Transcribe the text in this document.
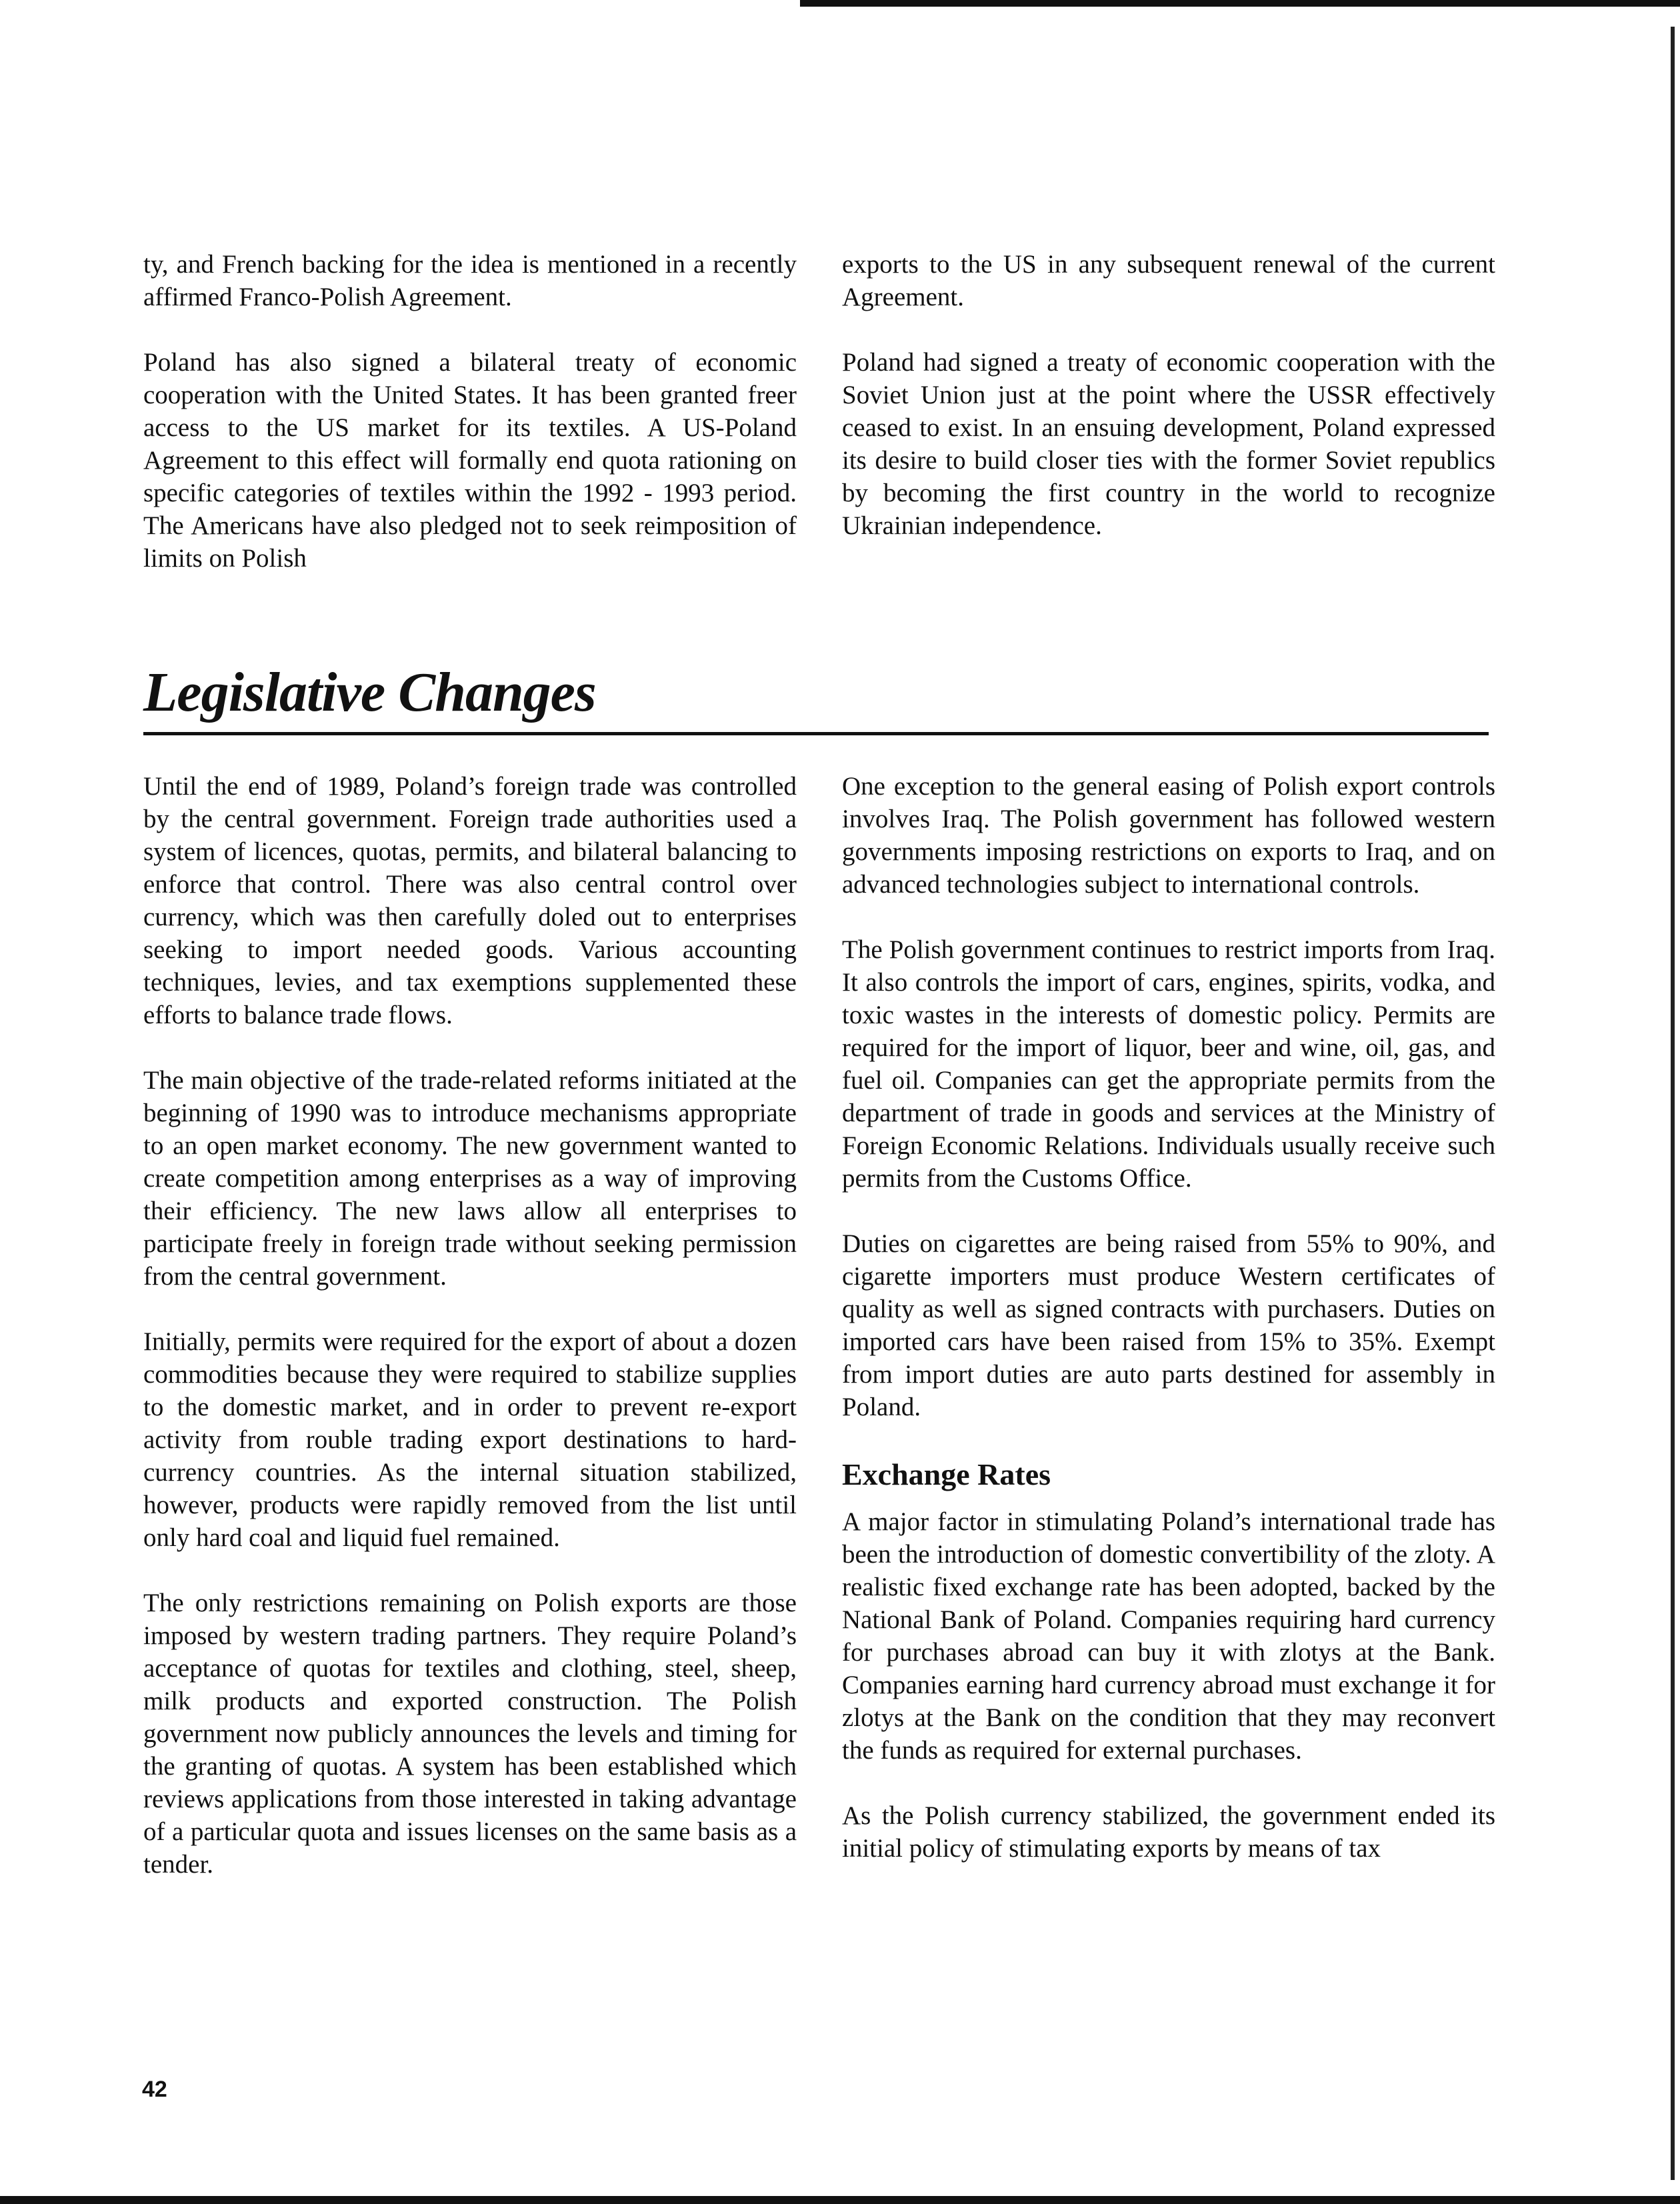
ty, and French backing for the idea is mentioned in a recently affirmed Franco-Polish Agreement.

Poland has also signed a bilateral treaty of economic cooperation with the United States. It has been granted freer access to the US market for its textiles. A US-Poland Agreement to this effect will formally end quota rationing on specific categories of textiles within the 1992 - 1993 period. The Americans have also pledged not to seek reimposition of limits on Polish

exports to the US in any subsequent renewal of the current Agreement.

Poland had signed a treaty of economic cooperation with the Soviet Union just at the point where the USSR effectively ceased to exist. In an ensuing development, Poland expressed its desire to build closer ties with the former Soviet republics by becoming the first country in the world to recognize Ukrainian independence.

Legislative Changes

Until the end of 1989, Poland’s foreign trade was controlled by the central government. Foreign trade authorities used a system of licences, quotas, permits, and bilateral balancing to enforce that control. There was also central control over currency, which was then carefully doled out to enterprises seeking to import needed goods. Various accounting techniques, levies, and tax exemptions supplemented these efforts to balance trade flows.

The main objective of the trade-related reforms initiated at the beginning of 1990 was to introduce mechanisms appropriate to an open market economy. The new government wanted to create competition among enterprises as a way of improving their efficiency. The new laws allow all enterprises to participate freely in foreign trade without seeking permission from the central government.

Initially, permits were required for the export of about a dozen commodities because they were required to stabilize supplies to the domestic market, and in order to prevent re-export activity from rouble trading export destinations to hard-currency countries. As the internal situation stabilized, however, products were rapidly removed from the list until only hard coal and liquid fuel remained.

The only restrictions remaining on Polish exports are those imposed by western trading partners. They require Poland’s acceptance of quotas for textiles and clothing, steel, sheep, milk products and exported construction. The Polish government now publicly announces the levels and timing for the granting of quotas. A system has been established which reviews applications from those interested in taking advantage of a particular quota and issues licenses on the same basis as a tender.

One exception to the general easing of Polish export controls involves Iraq. The Polish government has followed western governments imposing restrictions on exports to Iraq, and on advanced technologies subject to international controls.

The Polish government continues to restrict imports from Iraq. It also controls the import of cars, engines, spirits, vodka, and toxic wastes in the interests of domestic policy. Permits are required for the import of liquor, beer and wine, oil, gas, and fuel oil. Companies can get the appropriate permits from the department of trade in goods and services at the Ministry of Foreign Economic Relations. Individuals usually receive such permits from the Customs Office.

Duties on cigarettes are being raised from 55% to 90%, and cigarette importers must produce Western certificates of quality as well as signed contracts with purchasers. Duties on imported cars have been raised from 15% to 35%. Exempt from import duties are auto parts destined for assembly in Poland.

Exchange Rates

A major factor in stimulating Poland’s international trade has been the introduction of domestic convertibility of the zloty. A realistic fixed exchange rate has been adopted, backed by the National Bank of Poland. Companies requiring hard currency for purchases abroad can buy it with zlotys at the Bank. Companies earning hard currency abroad must exchange it for zlotys at the Bank on the condition that they may reconvert the funds as required for external purchases.

As the Polish currency stabilized, the government ended its initial policy of stimulating exports by means of tax

42
